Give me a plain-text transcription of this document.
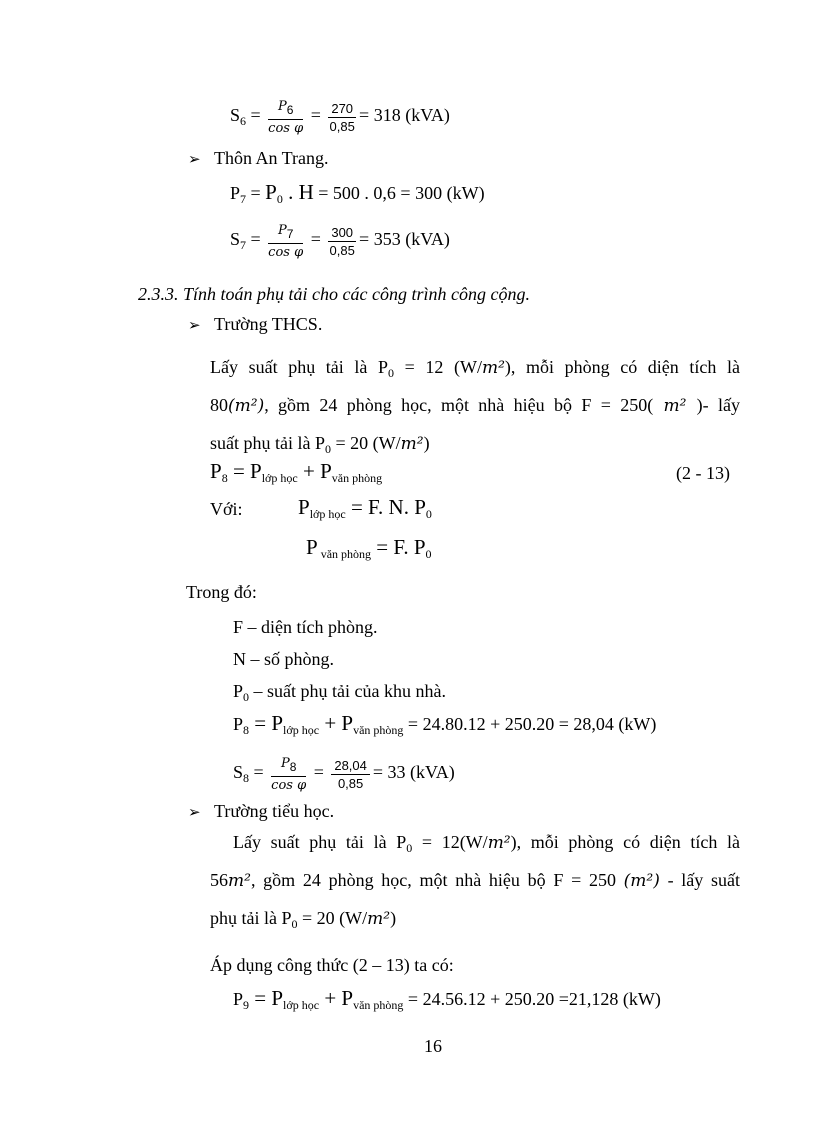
$S_6 = \frac{P6}{\text{cos φ}} = \frac{270}{0,85} = 318$ (kVA)
➢ Thôn An Trang.
$P_7 = P_0$ . H = 500 . 0,6 = 300 (kW)
$S_7 = \frac{P7}{\text{cos φ}} = \frac{300}{0,85} = 353$ (kVA)
2.3.3. Tính toán phụ tải cho các công trình công cộng.
➢ Trường THCS.
Lấy suất phụ tải là $P_0 = 12$ (W/m²), mỗi phòng có diện tích là
80(m²), gồm 24 phòng học, một nhà hiệu bộ F = 250( m² )- lấy
suất phụ tải là $P_0 = 20$ (W/m²)
$P_8 = P_{lớp học} + P_{văn phòng}$	(2 - 13)
Với:	$P_{lớp học} = F$. N. $P_0$
P $_{văn phòng}$ = F. $P_0$
Trong đó:
F – diện tích phòng.
N – số phòng.
$P_0$ – suất phụ tải của khu nhà.
$P_8 = P_{lớp học} + P_{văn phòng} = 24.80.12 + 250.20 = 28,04$ (kW)
$S_8 = \frac{P8}{\text{cos φ}} = \frac{28,04}{0,85} = 33$ (kVA)
➢ Trường tiểu học.
Lấy suất phụ tải là $P_0 = 12(W/m^2)$, mỗi phòng có diện tích là
56m², gồm 24 phòng học, một nhà hiệu bộ F = 250 (m²) - lấy suất
phụ tải là $P_0 = 20$ (W/m²)
Áp dụng công thức (2 – 13) ta có:
$P_9 = P_{lớp học} + P_{văn phòng} = 24.56.12 + 250.20 =21,128$ (kW)
16
